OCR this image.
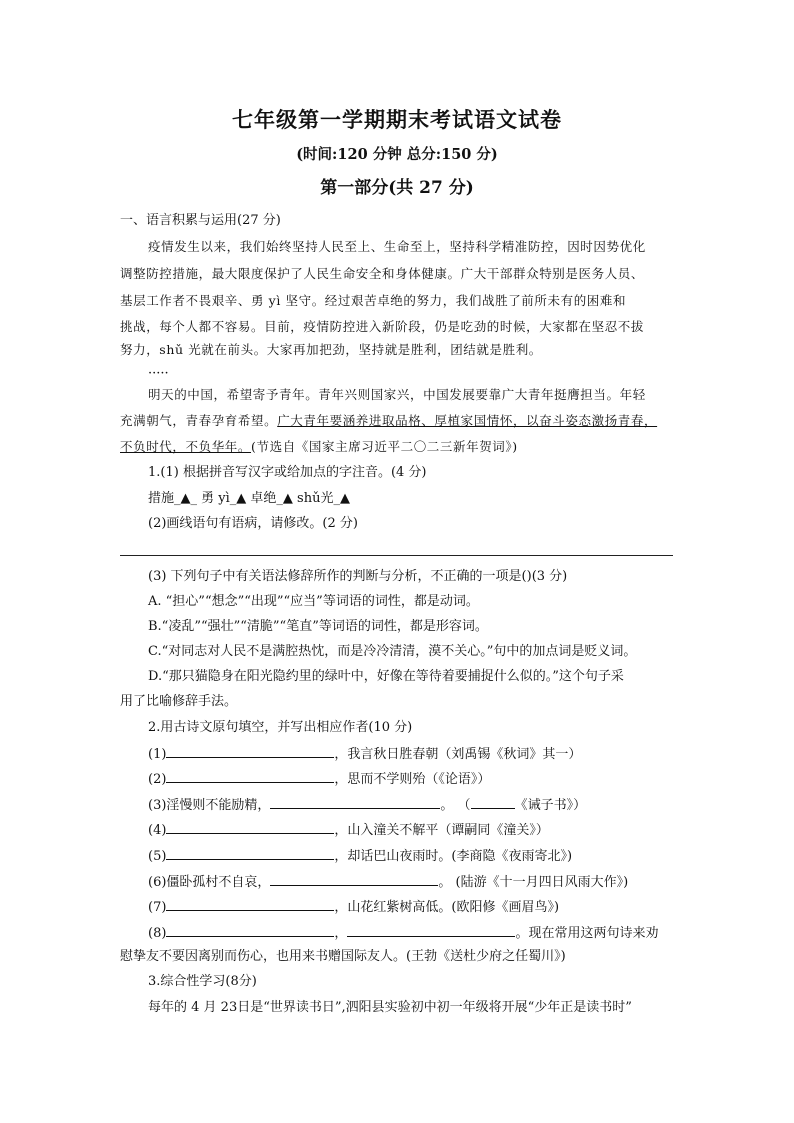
七年级第一学期期末考试语文试卷
(时间:120 分钟 总分:150 分)
第一部分(共 27 分)
一、语言积累与运用(27 分)
疫情发生以来，我们始终坚持人民至上、生命至上，坚持科学精准防控，因时因势优化
调整防控措施，最大限度保护了人民生命安全和身体健康。广大干部群众特别是医务人员、
基层工作者不畏艰辛、勇 yì 坚守。经过艰苦卓绝的努力，我们战胜了前所未有的困难和
挑战，每个人都不容易。目前，疫情防控进入新阶段，仍是吃劲的时候，大家都在坚忍不拔
努力，shǔ 光就在前头。大家再加把劲，坚持就是胜利，团结就是胜利。
·····
明天的中国，希望寄予青年。青年兴则国家兴，中国发展要靠广大青年挺膺担当。年轻
充满朝气，青春孕育希望。广大青年要涵养进取品格、厚植家国情怀，以奋斗姿态激扬青春，
不负时代，不负华年。(节选自《国家主席习近平二〇二三新年贺词》)
1.(1) 根据拼音写汉字或给加点的字注音。(4 分)
措施_▲_ 勇 yì_▲ 卓绝_▲ shǔ光_▲
(2)画线语句有语病，请修改。(2 分)
(3) 下列句子中有关语法修辞所作的判断与分析，不正确的一项是()(3 分)
A. “担心”“想念”“出现”“应当”等词语的词性，都是动词。
B.“凌乱”“强壮”“清脆”“笔直”等词语的词性，都是形容词。
C.“对同志对人民不是满腔热忱，而是冷冷清清，漠不关心。”句中的加点词是贬义词。
D.“那只猫隐身在阳光隐约里的绿叶中，好像在等待着要捕捉什么似的。”这个句子采
用了比喻修辞手法。
2.用古诗文原句填空，并写出相应作者(10 分)
(1)	，我言秋日胜春朝（刘禹锡《秋词》其一）
(2)	，思而不学则殆（《论语》）
(3)淫慢则不能励精，	。 （	《诫子书》）
(4)	，山入潼关不解平（谭嗣同《潼关》）
(5)	，却话巴山夜雨时。(李商隐《夜雨寄北》)
(6)僵卧孤村不自哀，	。 (陆游《十一月四日风雨大作》)
(7)	，山花红紫树高低。(欧阳修《画眉鸟》)
(8)	，	。现在常用这两句诗来劝
慰挚友不要因离别而伤心，也用来书赠国际友人。(王勃《送杜少府之任蜀川》)
3.综合性学习(8分)
每年的 4 月 23日是“世界读书日”,泗阳县实验初中初一年级将开展“少年正是读书时”
